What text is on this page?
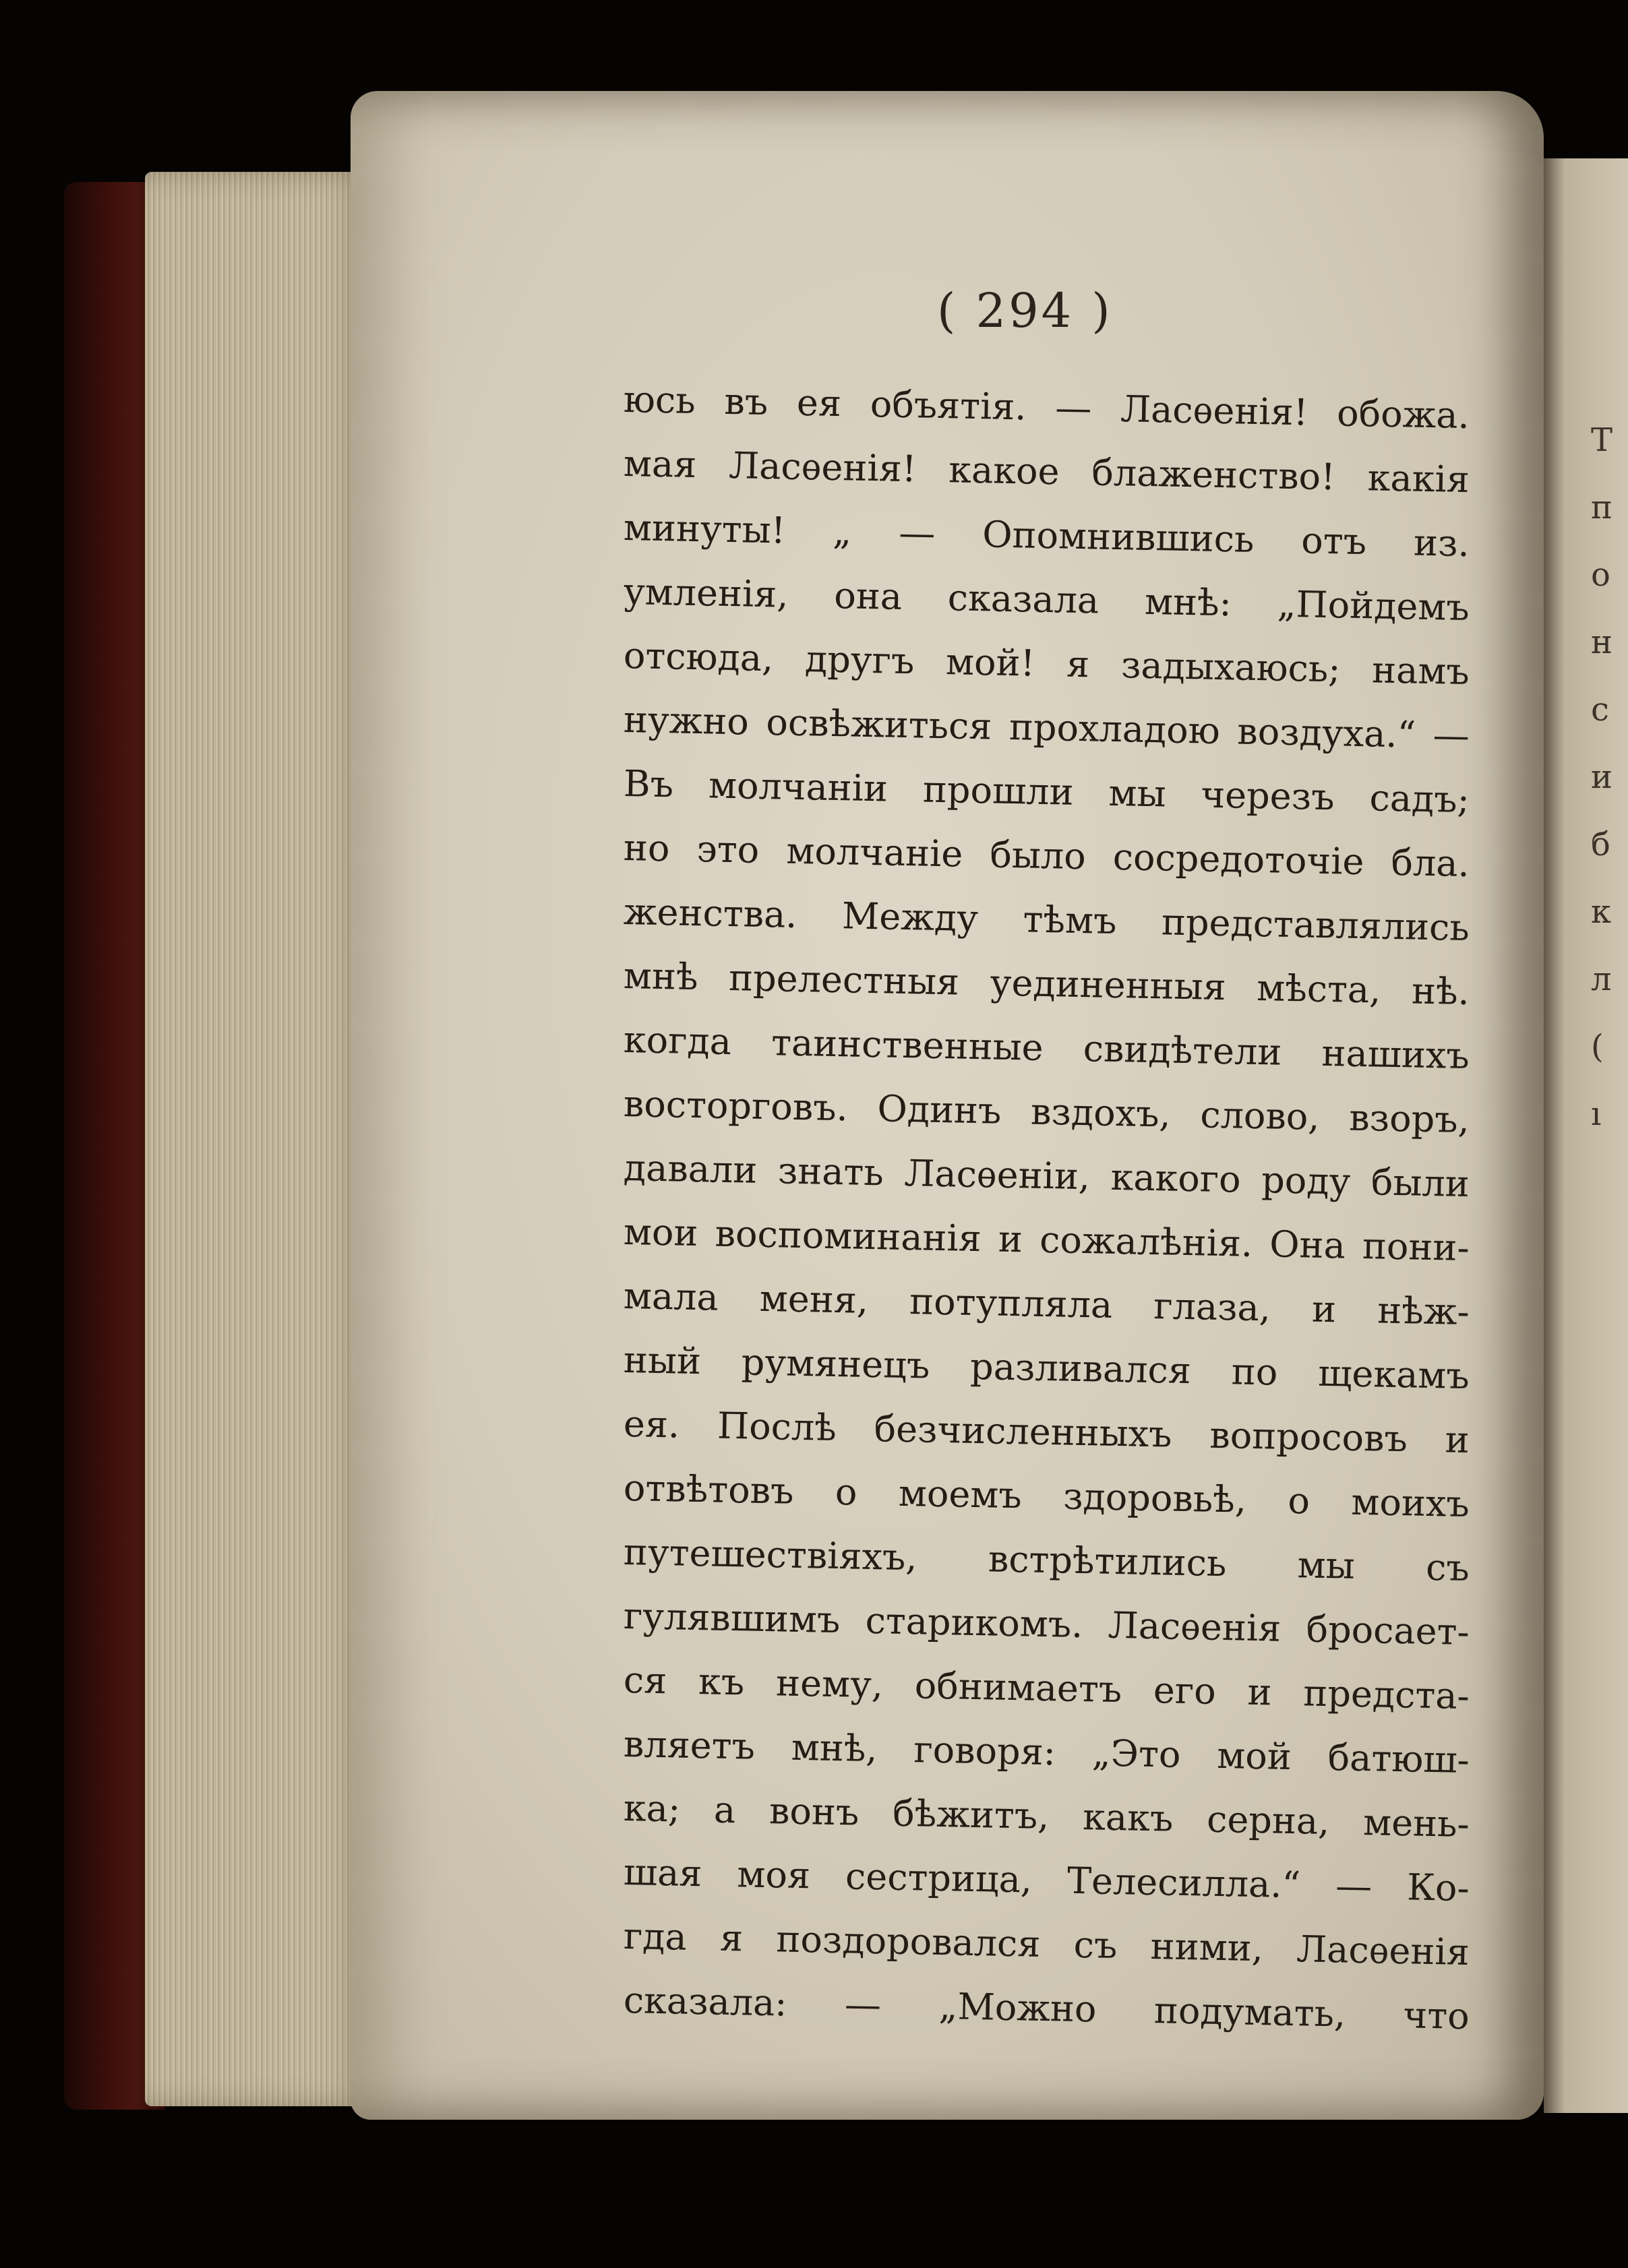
Т
п
о
н
с
и
б
к
л
(
ı
( 294 )
юсь въ ея объятія. — Ласѳенія! обожа.
мая Ласѳенія! какое блаженство! какія
минуты! „ — Опомнившись отъ из.
умленія, она сказала мнѣ: „Пойдемъ
отсюда, другъ мой! я задыхаюсь; намъ
нужно освѣжиться прохладою воздуха.“ —
Въ молчаніи прошли мы черезъ садъ;
но это молчаніе было сосредоточіе бла.
женства. Между тѣмъ представлялись
мнѣ прелестныя уединенныя мѣста, нѣ.
когда таинственные свидѣтели нашихъ
восторговъ. Одинъ вздохъ, слово, взоръ,
давали знать Ласѳеніи, какого роду были
мои воспоминанія и сожалѣнія. Она пони-
мала меня, потупляла глаза, и нѣж-
ный румянецъ разливался по щекамъ
ея. Послѣ безчисленныхъ вопросовъ и
отвѣтовъ о моемъ здоровьѣ, о моихъ
путешествіяхъ, встрѣтились мы съ
гулявшимъ старикомъ. Ласѳенія бросает-
ся къ нему, обнимаетъ его и предста-
вляетъ мнѣ, говоря: „Это мой батюш-
ка; а вонъ бѣжитъ, какъ серна, мень-
шая моя сестрица, Телесилла.“ — Ко-
гда я поздоровался съ ними, Ласѳенія
сказала: — „Можно подумать, что
